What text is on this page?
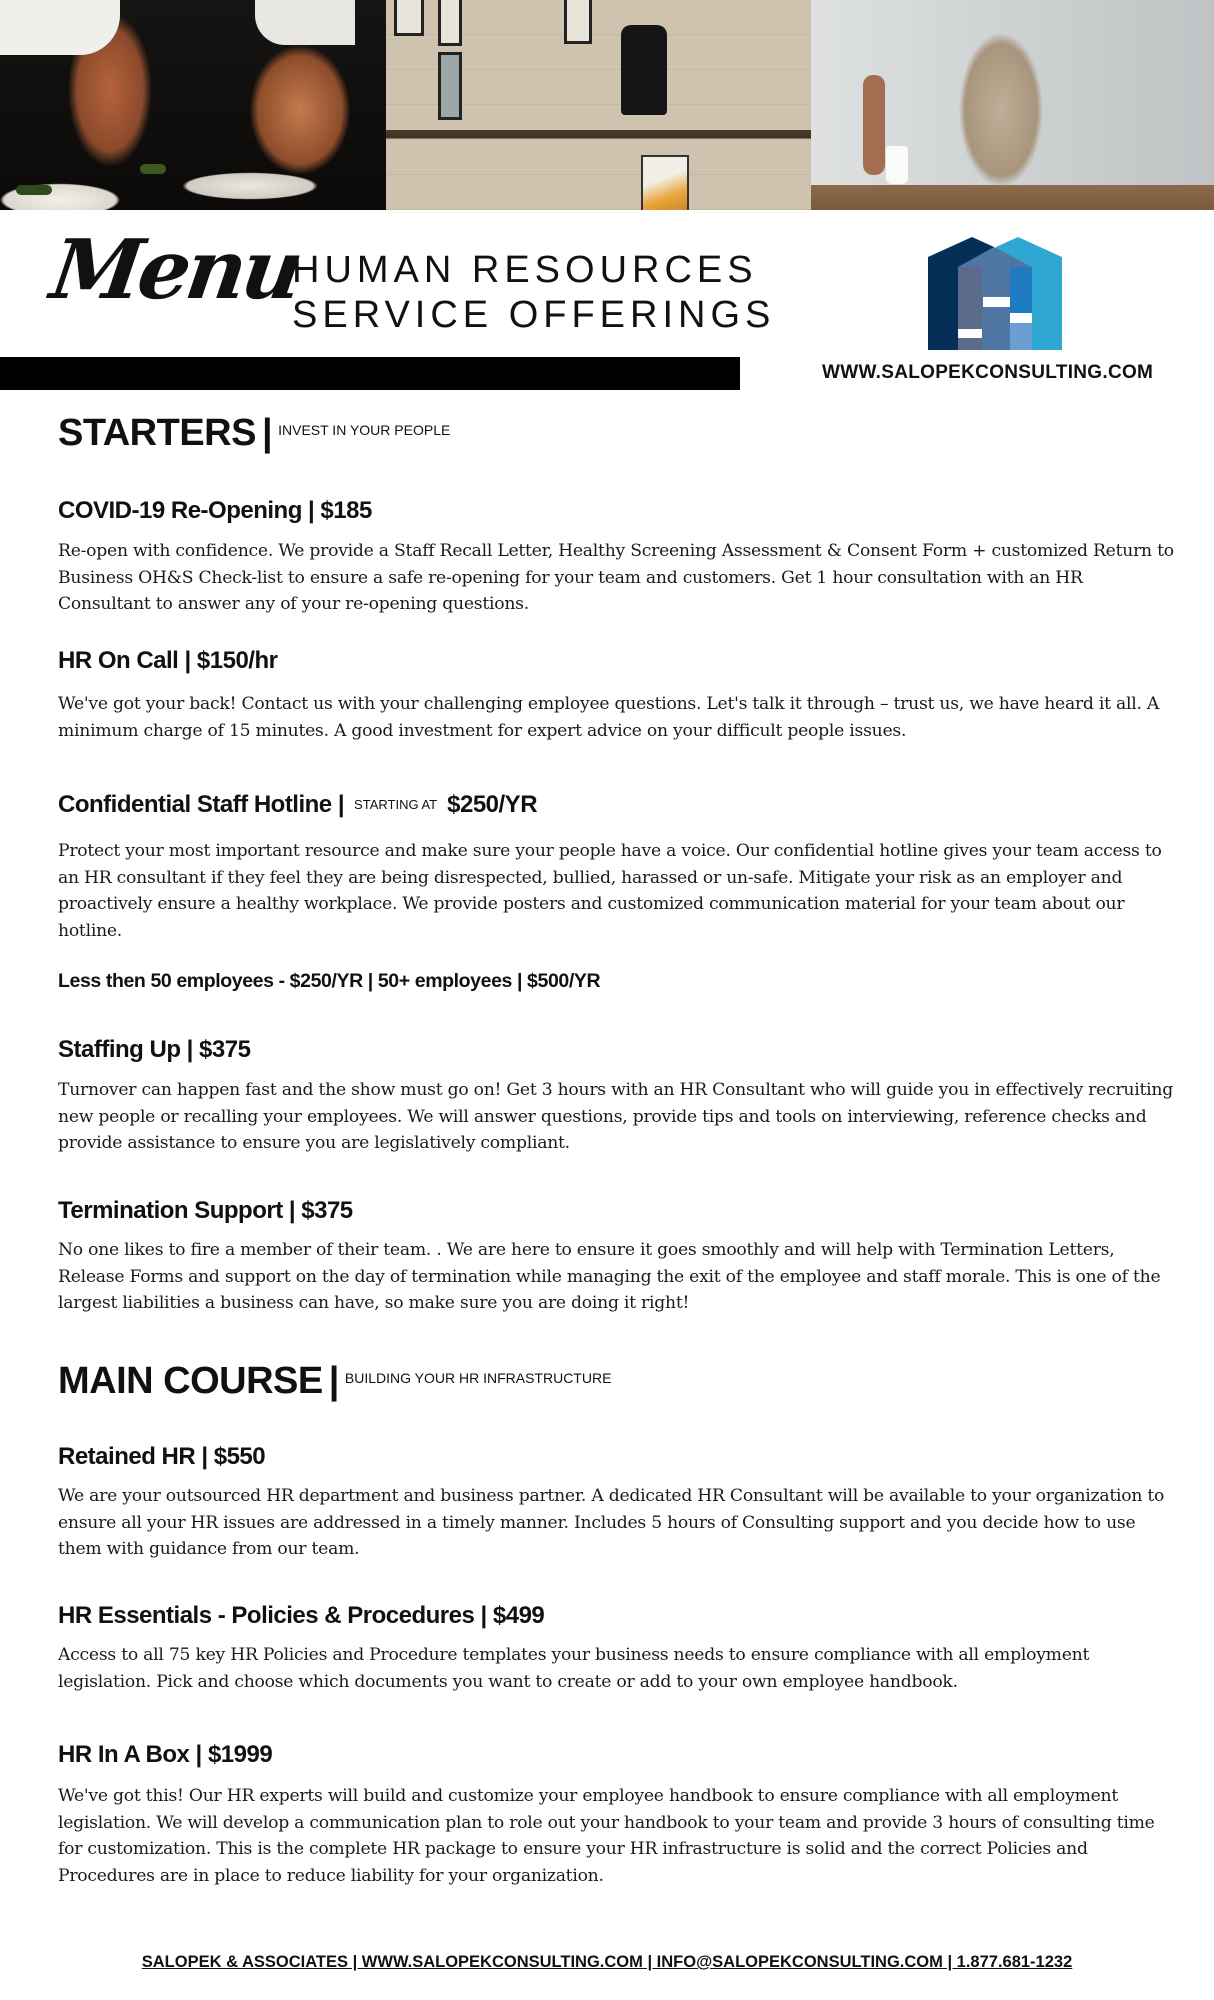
Menu
HUMAN RESOURCES
SERVICE OFFERINGS
WWW.SALOPEKCONSULTING.COM
STARTERS | $^{INVEST IN YOUR PEOPLE}$
COVID-19 Re-Opening | $185
Re-open with confidence. We provide a Staff Recall Letter, Healthy Screening Assessment & Consent Form + customized Return to Business OH&S Check-list to ensure a safe re-opening for your team and customers. Get 1 hour consultation with an HR Consultant to answer any of your re-opening questions.
HR On Call | $150/hr
We've got your back! Contact us with your challenging employee questions. Let's talk it through – trust us, we have heard it all. A minimum charge of 15 minutes. A good investment for expert advice on your difficult people issues.
Confidential Staff Hotline | STARTING AT $250/YR
Protect your most important resource and make sure your people have a voice. Our confidential hotline gives your team access to an HR consultant if they feel they are being disrespected, bullied, harassed or un-safe. Mitigate your risk as an employer and proactively ensure a healthy workplace. We provide posters and customized communication material for your team about our hotline.
Less then 50 employees - $250/YR | 50+ employees | $500/YR
Staffing Up | $375
Turnover can happen fast and the show must go on! Get 3 hours with an HR Consultant who will guide you in effectively recruiting new people or recalling your employees. We will answer questions, provide tips and tools on interviewing, reference checks and provide assistance to ensure you are legislatively compliant.
Termination Support | $375
No one likes to fire a member of their team. . We are here to ensure it goes smoothly and will help with Termination Letters, Release Forms and support on the day of termination while managing the exit of the employee and staff morale. This is one of the largest liabilities a business can have, so make sure you are doing it right!
MAIN COURSE | $^{BUILDING YOUR HR INFRASTRUCTURE}$
Retained HR | $550
We are your outsourced HR department and business partner. A dedicated HR Consultant will be available to your organization to ensure all your HR issues are addressed in a timely manner. Includes 5 hours of Consulting support and you decide how to use them with guidance from our team.
HR Essentials - Policies & Procedures | $499
Access to all 75 key HR Policies and Procedure templates your business needs to ensure compliance with all employment legislation. Pick and choose which documents you want to create or add to your own employee handbook.
HR In A Box | $1999
We've got this! Our HR experts will build and customize your employee handbook to ensure compliance with all employment legislation. We will develop a communication plan to role out your handbook to your team and provide 3 hours of consulting time for customization. This is the complete HR package to ensure your HR infrastructure is solid and the correct Policies and Procedures are in place to reduce liability for your organization.
SALOPEK & ASSOCIATES | WWW.SALOPEKCONSULTING.COM | INFO@SALOPEKCONSULTING.COM | 1.877.681-1232
